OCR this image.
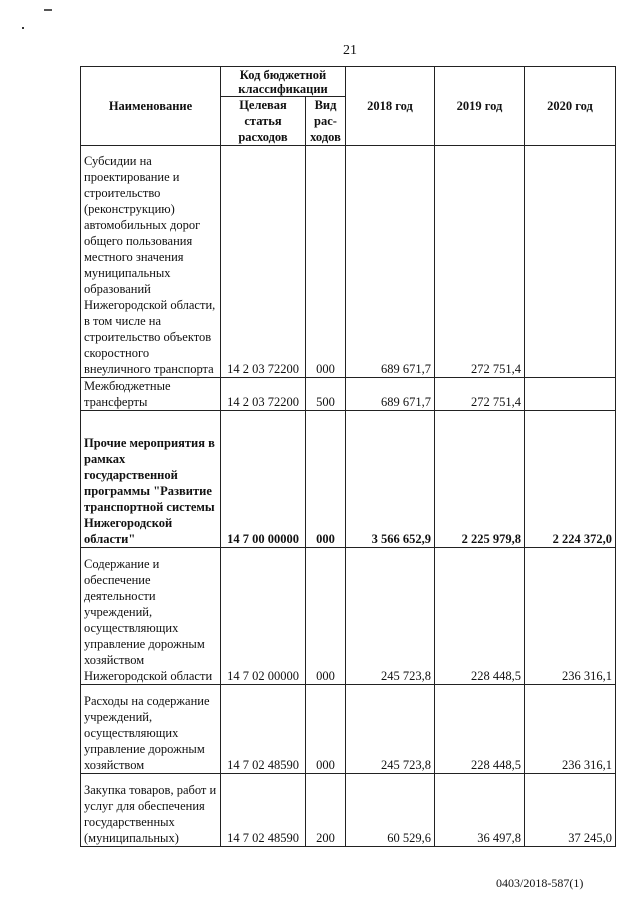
21
Наименование	Код бюджетной классификации		2018 год	2019 год	2020 год
	Целевая статья расходов	Вид рас-ходов			
Субсидии на проектирование и строительство (реконструкцию) автомобильных дорог общего пользования местного значения муниципальных образований Нижегородской области, в том числе на строительство объектов скоростного внеуличного транспорта	14 2 03 72200	000	689 671,7	272 751,4	
Межбюджетные трансферты	14 2 03 72200	500	689 671,7	272 751,4	
Прочие мероприятия в рамках государственной программы "Развитие транспортной системы Нижегородской области"	14 7 00 00000	000	3 566 652,9	2 225 979,8	2 224 372,0
Содержание и обеспечение деятельности учреждений, осуществляющих управление дорожным хозяйством Нижегородской области	14 7 02 00000	000	245 723,8	228 448,5	236 316,1
Расходы на содержание учреждений, осуществляющих управление дорожным хозяйством	14 7 02 48590	000	245 723,8	228 448,5	236 316,1
Закупка товаров, работ и услуг для обеспечения государственных (муниципальных)	14 7 02 48590	200	60 529,6	36 497,8	37 245,0
0403/2018-587(1)
